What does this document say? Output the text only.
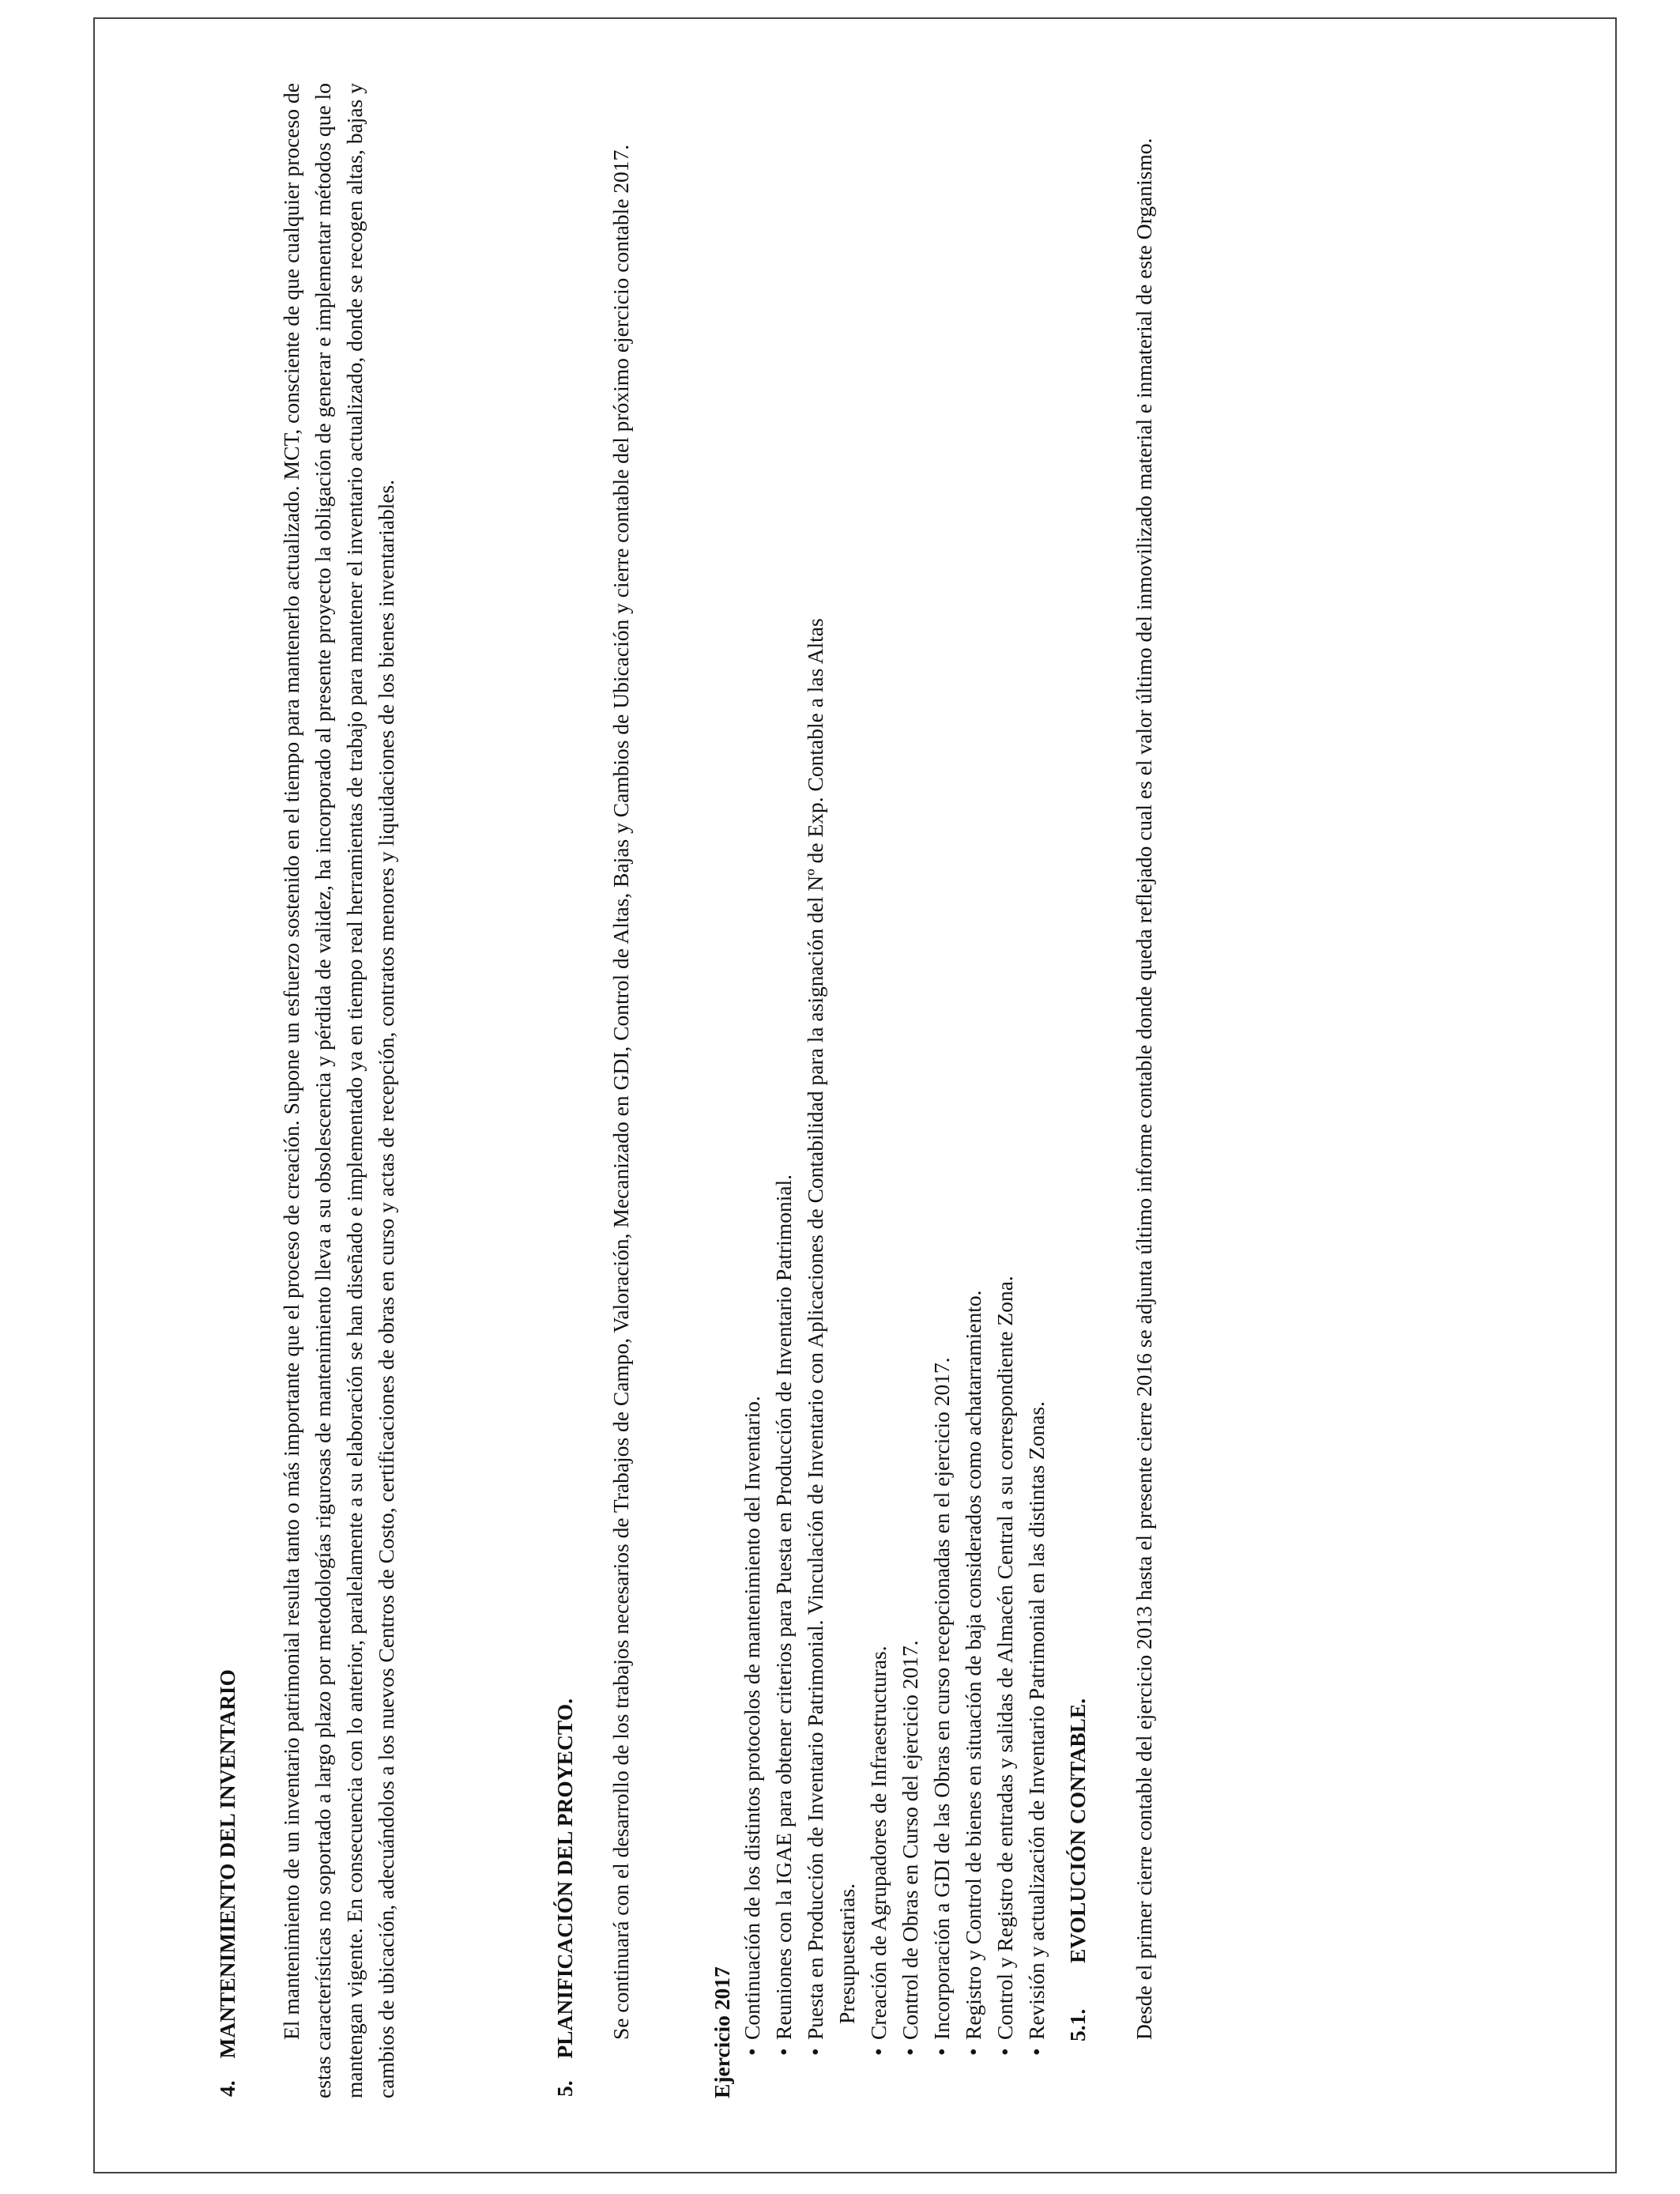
4.  MANTENIMIENTO DEL INVENTARIO El mantenimiento de un inventario patrimonial resulta tanto o más importante que el proceso de creación. Supone un esfuerzo sostenido en el tiempo para mantenerlo actualizado. MCT, consciente de que cualquier proceso de estas características no soportado a largo plazo por metodologías rigurosas de mantenimiento lleva a su obsolescencia y pérdida de validez, ha incorporado al presente proyecto la obligación de generar e implementar métodos que lo mantengan vigente. En consecuencia con lo anterior, paralelamente a su elaboración se han diseñado e implementado ya en tiempo real herramientas de trabajo para mantener el inventario actualizado, donde se recogen altas, bajas y cambios de ubicación, adecuándolos a los nuevos Centros de Costo, certificaciones de obras en curso y actas de recepción, contratos menores y liquidaciones de los bienes inventariables.	5.  PLANIFICACIÓN DEL PROYECTO. Se continuará con el desarrollo de los trabajos necesarios de Trabajos de Campo, Valoración, Mecanizado en GDI, Control de Altas, Bajas y Cambios de Ubicación y cierre contable del próximo ejercicio contable 2017.	Ejercicio 2017 • Continuación de los distintos protocolos de mantenimiento del Inventario. • Reuniones con la IGAE para obtener criterios para Puesta en Producción de Inventario Patrimonial. • Puesta en Producción de Inventario Patrimonial. Vinculación de Inventario con Aplicaciones de Contabilidad para la asignación del Nº de Exp. Contable a las Altas Presupuestarias. • Creación de Agrupadores de Infraestructuras. • Control de Obras en Curso del ejercicio 2017. • Incorporación a GDI de las Obras en curso recepcionadas en el ejercicio 2017. • Registro y Control de bienes en situación de baja considerados como achatarramiento. • Control y Registro de entradas y salidas de Almacén Central a su correspondiente Zona. • Revisión y actualización de Inventario Patrimonial en las distintas Zonas. 5.1.  EVOLUCIÓN CONTABLE. Desde el primer cierre contable del ejercicio 2013 hasta el presente cierre 2016 se adjunta último informe contable donde queda reflejado cual es el valor último del inmovilizado material e inmaterial de este Organismo.
